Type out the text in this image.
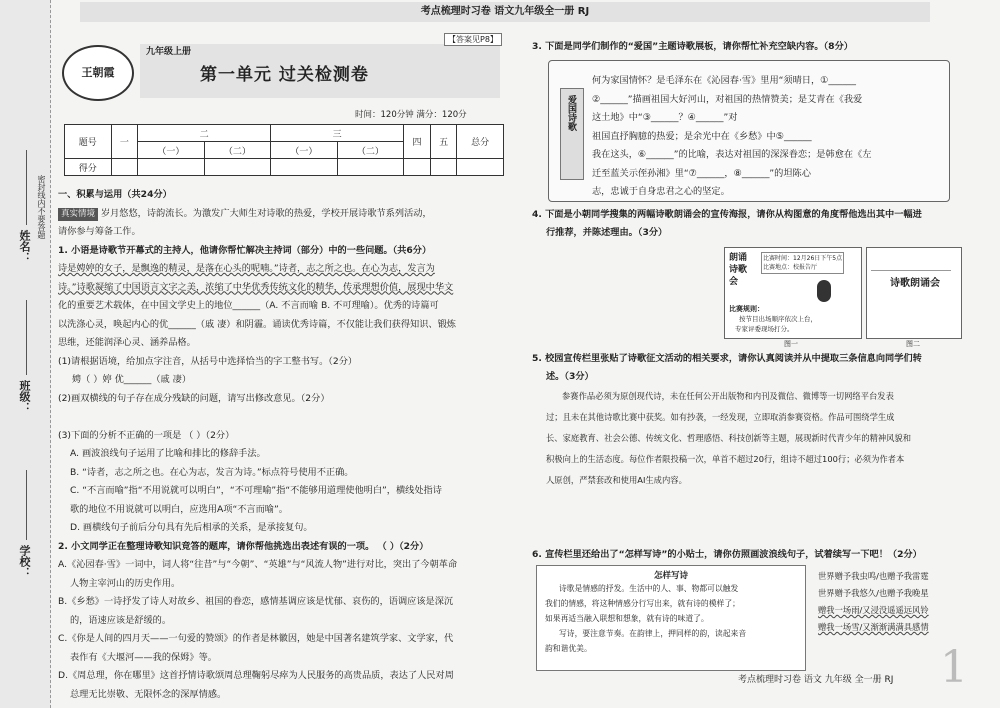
考点梳理时习卷 语文九年级全一册 RJ
学校：
班级：
姓名：
密封线内不要答题
王朝霞
九年级上册
第一单元 过关检测卷
【答案见P8】
时间：120分钟 满分：120分
题号	一	二		三		四	五	总分
		（一）	（二）	（一）	（二）			
得分								

一、积累与运用（共24分）

真实情境 岁月悠悠，诗韵流长。为激发广大师生对诗歌的热爱，学校开展诗歌节系列活动，

请你参与筹备工作。

1. 小语是诗歌节开幕式的主持人，他请你帮忙解决主持词（部分）中的一些问题。（共6分）

诗是娉婷的女子，是飘逸的精灵，是落在心头的呢喃。”诗者，志之所之也。在心为志，发言为

诗。”诗歌凝缩了中国语言文字之美，浓缩了中华优秀传统文化的精华，传承理想价值，展现中华文

化的重要艺术载体，在中国文学史上的地位______（A. 不言而喻 B. 不可理喻）。优秀的诗篇可

以洗涤心灵，唤起内心的优______（戚 凄）和阴霾。诵读优秀诗篇，不仅能让我们获得知识、锻炼

思维，还能润泽心灵、涵养品格。

(1)请根据语境，给加点字注音，从括号中选择恰当的字工整书写。（2分）

娉（ ）婷 优______（戚 凄）

(2)画双横线的句子存在成分残缺的问题，请写出修改意见。（2分）

(3)下面的分析不正确的一项是 （ ）（2分）

A. 画波浪线句子运用了比喻和排比的修辞手法。

B. “诗者，志之所之也。在心为志，发言为诗。”标点符号使用不正确。

C. “不言而喻”指“不用说就可以明白”，“不可理喻”指“不能够用道理使他明白”，横线处指诗

歌的地位不用说就可以明白，应选用A项“不言而喻”。

D. 画横线句子前后分句具有先后相承的关系，是承接复句。

2. 小文同学正在整理诗歌知识竞答的题库，请你帮他挑选出表述有误的一项。 （ ）（2分）

A.《沁园春·雪》一词中，词人将“往昔”与“今朝”、“英雄”与“风流人物”进行对比，突出了今朝革命

人物主宰河山的历史作用。

B.《乡愁》一诗抒发了诗人对故乡、祖国的眷恋，感情基调应该是忧郁、哀伤的，语调应该是深沉

的，语速应该是舒缓的。

C.《你是人间的四月天——一句爱的赞颂》的作者是林徽因，她是中国著名建筑学家、文学家，代

表作有《大堰河——我的保姆》等。

D.《周总理，你在哪里》这首抒情诗歌颂周总理鞠躬尽瘁为人民服务的高贵品质，表达了人民对周

总理无比崇敬、无限怀念的深厚情感。

3. 下面是同学们制作的“爱国”主题诗歌展板，请你帮忙补充空缺内容。（8分）

爱国诗歌

何为家国情怀？是毛泽东在《沁园春·雪》里用“须晴日，①______

②______”描画祖国大好河山，对祖国的热情赞美；是艾青在《我爱

这土地》中“③______？④______”对

祖国直抒胸臆的热爱；是余光中在《乡愁》中⑤______

我在这头，⑥______”的比喻，表达对祖国的深深眷恋；是韩愈在《左

迁至蓝关示侄孙湘》里“⑦______，⑧______”的坦陈心

志，忠诚于自身忠君之心的坚定。

4. 下面是小朝同学搜集的两幅诗歌朗诵会的宣传海报，请你从构图意的角度帮他选出其中一幅进

行推荐，并陈述理由。（3分）

朗诵诗歌会
比赛时间：12月26日下午5点
比赛地点：校报告厅
比赛规则：
按节目出场顺序依次上台，
专家评委现场打分。
图一
诗歌朗诵会
图二

5. 校园宣传栏里张贴了诗歌征文活动的相关要求，请你认真阅读并从中提取三条信息向同学们转

述。（3分）

参赛作品必须为原创现代诗，未在任何公开出版物和内刊及微信、微博等一切网络平台发表
过；且未在其他诗歌比赛中获奖。如有抄袭，一经发现，立即取消参赛资格。作品可围绕学生成
长、家庭教育、社会公德、传统文化、哲理感悟、科技创新等主题，展现新时代青少年的精神风貌和
积极向上的生活态度。每位作者限投稿一次，单首不超过20行，组诗不超过100行；必须为作者本
人原创，严禁套改和使用AI生成内容。

6. 宣传栏里还给出了“怎样写诗”的小贴士，请你仿照画波浪线句子，试着续写一下吧！（2分）

怎样写诗
诗歌是情感的抒发。生活中的人、事、物都可以触发
我们的情感，将这种情感分行写出来，就有诗的模样了；
如果再适当融入联想和想象，就有诗的味道了。
写诗，要注意节奏。在韵律上，押同样的韵，读起来音
韵和谐优美。
世界赠予我虫鸣/也赠予我雷霆
世界赠予我悠久/也赠予我晚星
赠我一场雨/又浸没遥遥远风铃
赠我一场雪/又渐渐满满具感情
考点梳理时习卷 语文 九年级 全一册 RJ 1
